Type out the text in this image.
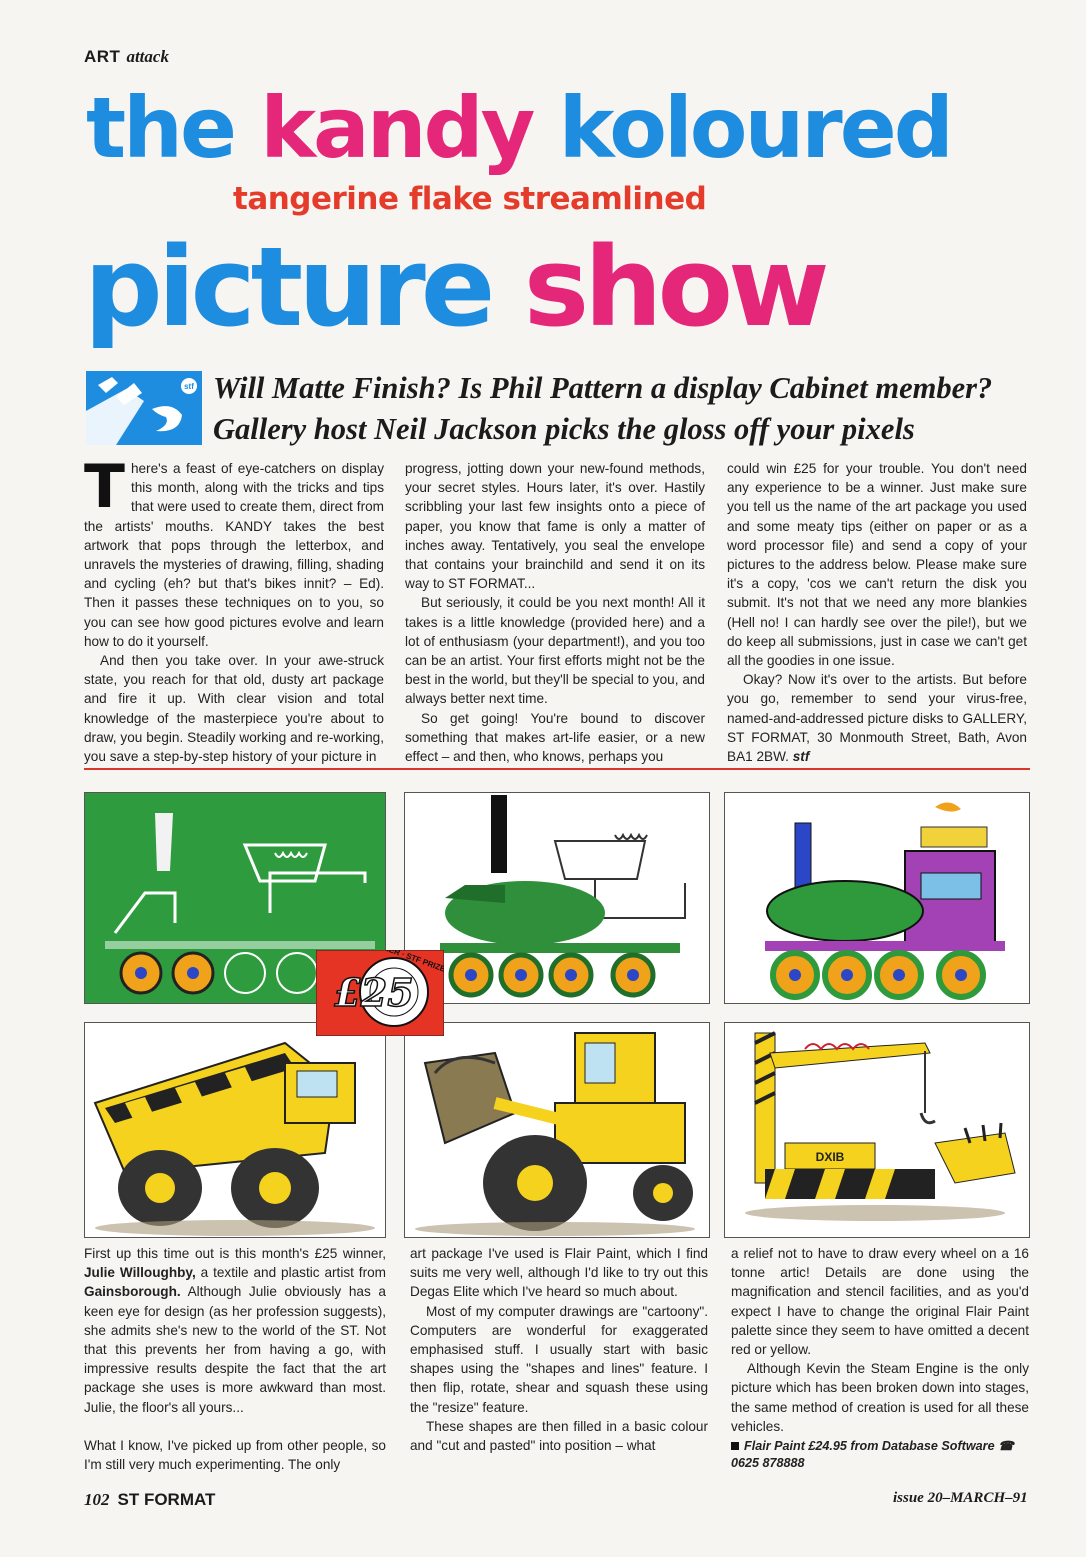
ART attack
the kandy koloured
tangerine flake streamlined
picture show
stf Will Matte Finish? Is Phil Pattern a display Cabinet member?
Gallery host Neil Jackson picks the gloss off your pixels

There's a feast of eye-catchers on display this month, along with the tricks and tips that were used to create them, direct from the artists' mouths. KANDY takes the best artwork that pops through the letterbox, and unravels the mysteries of drawing, filling, shading and cycling (eh? but that's bikes innit? – Ed). Then it passes these techniques on to you, so you can see how good pictures evolve and learn how to do it yourself.

And then you take over. In your awe-struck state, you reach for that old, dusty art package and fire it up. With clear vision and total knowledge of the masterpiece you're about to draw, you begin. Steadily working and re-working, you save a step-by-step history of your picture in

progress, jotting down your new-found methods, your secret styles. Hours later, it's over. Hastily scribbling your last few insights onto a piece of paper, you know that fame is only a matter of inches away. Tentatively, you seal the envelope that contains your brainchild and send it on its way to ST FORMAT...

But seriously, it could be you next month! All it takes is a little knowledge (provided here) and a lot of enthusiasm (your department!), and you too can be an artist. Your first efforts might not be the best in the world, but they'll be special to you, and always better next time.

So get going! You're bound to discover something that makes art-life easier, or a new effect – and then, who knows, perhaps you

could win £25 for your trouble. You don't need any experience to be a winner. Just make sure you tell us the name of the art package you used and some meaty tips (either on paper or as a word processor file) and send a copy of your pictures to the address below. Please make sure it's a copy, 'cos we can't return the disk you submit. It's not that we need any more blankies (Hell no! I can hardly see over the pile!), but we do keep all submissions, just in case we can't get all the goodies in one issue.

Okay? Now it's over to the artists. But before you go, remember to send your virus-free, named-and-addressed picture disks to GALLERY, ST FORMAT, 30 Monmouth Street, Bath, Avon BA1 2BW. stf

DXIB
· STF PRIZE
£25

First up this time out is this month's £25 winner, Julie Willoughby, a textile and plastic artist from Gainsborough. Although Julie obviously has a keen eye for design (as her profession suggests), she admits she's new to the world of the ST. Not that this prevents her from having a go, with impressive results despite the fact that the art package she uses is more awkward than most. Julie, the floor's all yours...

What I know, I've picked up from other people, so I'm still very much experimenting. The only

art package I've used is Flair Paint, which I find suits me very well, although I'd like to try out this Degas Elite which I've heard so much about.

Most of my computer drawings are "cartoony". Computers are wonderful for exaggerated emphasised stuff. I usually start with basic shapes using the "shapes and lines" feature. I then flip, rotate, shear and squash these using the "resize" feature.

These shapes are then filled in a basic colour and "cut and pasted" into position – what

a relief not to have to draw every wheel on a 16 tonne artic! Details are done using the magnification and stencil facilities, and as you'd expect I have to change the original Flair Paint palette since they seem to have omitted a decent red or yellow.

Although Kevin the Steam Engine is the only picture which has been broken down into stages, the same method of creation is used for all these vehicles.

Flair Paint £24.95 from Database Software ☎ 0625 878888

102 ST FORMAT	issue 20–MARCH–91
